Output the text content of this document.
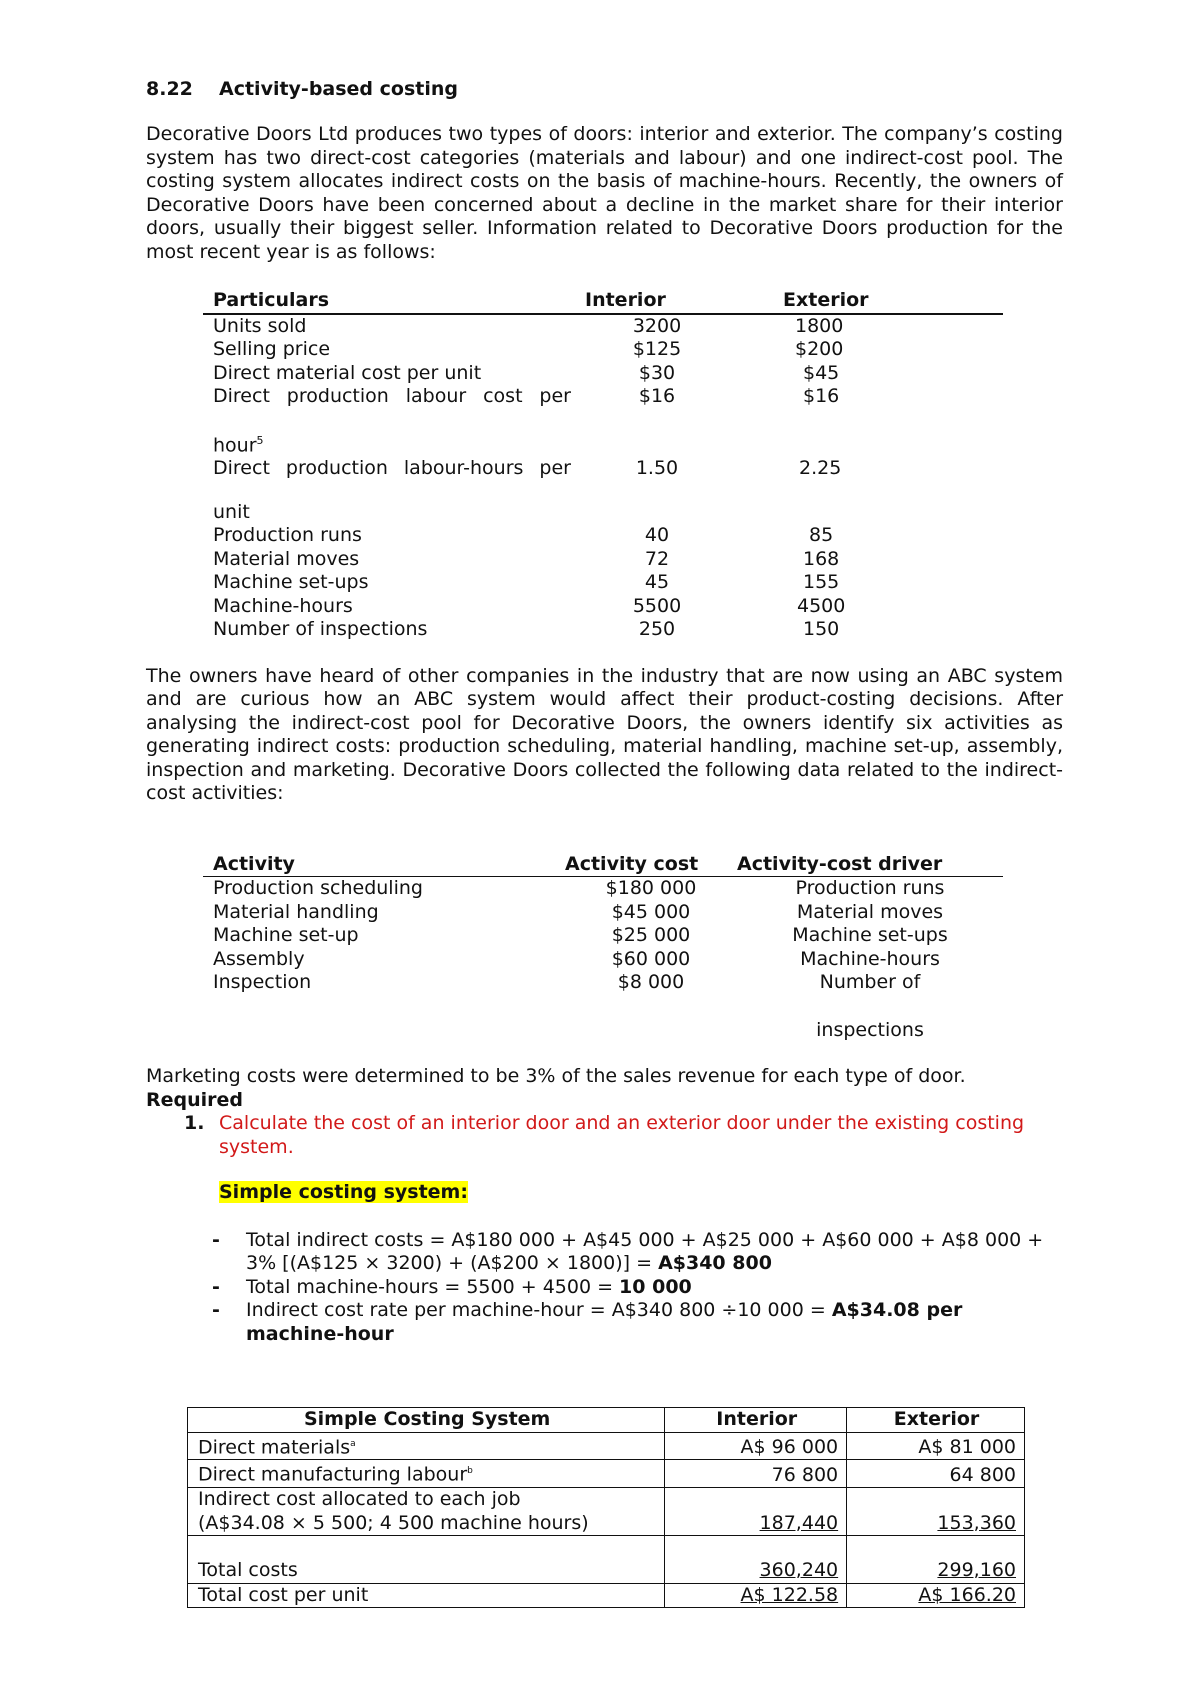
8.22 Activity-based costing

Decorative Doors Ltd produces two types of doors: interior and exterior. The company’s costing system has two direct-cost categories (materials and labour) and one indirect-cost pool. The costing system allocates indirect costs on the basis of machine-hours. Recently, the owners of Decorative Doors have been concerned about a decline in the market share for their interior doors, usually their biggest seller. Information related to Decorative Doors production for the most recent year is as follows:

Particulars	Interior	Exterior
Units sold	3200	1800
Selling price	$125	$200
Direct material cost per unit	$30	$45
Direct production labour cost per	$16	$16
hour$^5$		
Direct production labour-hours per	1.50	2.25
unit		
Production runs	40	85
Material moves	72	168
Machine set-ups	45	155
Machine-hours	5500	4500
Number of inspections	250	150

The owners have heard of other companies in the industry that are now using an ABC system and are curious how an ABC system would affect their product-costing decisions. After analysing the indirect-cost pool for Decorative Doors, the owners identify six activities as generating indirect costs: production scheduling, material handling, machine set-up, assembly, inspection and marketing. Decorative Doors collected the following data related to the indirect-cost activities:

Activity	Activity cost	Activity-cost driver
Production scheduling	$180 000	Production runs
Material handling	$45 000	Material moves
Machine set-up	$25 000	Machine set-ups
Assembly	$60 000	Machine-hours
Inspection	$8 000	Number of
		inspections

Marketing costs were determined to be 3% of the sales revenue for each type of door.

Required

1. Calculate the cost of an interior door and an exterior door under the existing costing system.
Simple costing system:
- Total indirect costs = A$180 000 + A$45 000 + A$25 000 + A$60 000 + A$8 000 + 3% [(A$125 × 3200) + (A$200 × 1800)] = A$340 800
- Total machine-hours = 5500 + 4500 = 10 000
- Indirect cost rate per machine-hour = A$340 800 ÷10 000 = A$34.08 per machine-hour
Simple Costing System	Interior	Exterior
Direct materials$^a$	A$ 96 000	A$ 81 000
Direct manufacturing labour$^b$	76 800	64 800

Indirect cost allocated to each job
(A$34.08 × 5 500; 4 500 machine hours)	187,440	153,360
Total costs	360,240	299,160
Total cost per unit	A$ 122.58	A$ 166.20
